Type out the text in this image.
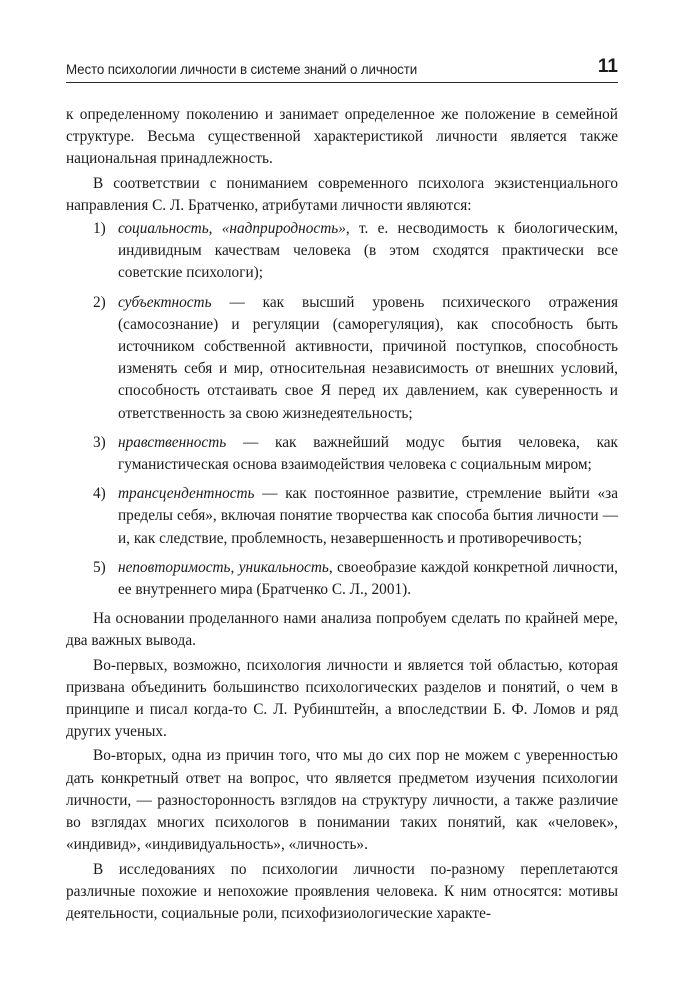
Место психологии личности в системе знаний о личности	11

к определенному поколению и занимает определенное же положение в семейной структуре. Весьма существенной характеристикой личности является также национальная принадлежность.

В соответствии с пониманием современного психолога экзистенциального направления С. Л. Братченко, атрибутами личности являются:

1) социальность, «надприродность», т. е. несводимость к биологическим, индивидным качествам человека (в этом сходятся практически все советские психологи);
2) субъектность — как высший уровень психического отражения (самосознание) и регуляции (саморегуляция), как способность быть источником собственной активности, причиной поступков, способность изменять себя и мир, относительная независимость от внешних условий, способность отстаивать свое Я перед их давлением, как суверенность и ответственность за свою жизнедеятельность;
3) нравственность — как важнейший модус бытия человека, как гуманистическая основа взаимодействия человека с социальным миром;
4) трансцендентность — как постоянное развитие, стремление выйти «за пределы себя», включая понятие творчества как способа бытия личности — и, как следствие, проблемность, незавершенность и противоречивость;
5) неповторимость, уникальность, своеобразие каждой конкретной личности, ее внутреннего мира (Братченко С. Л., 2001).

На основании проделанного нами анализа попробуем сделать по крайней мере, два важных вывода.

Во-первых, возможно, психология личности и является той областью, которая призвана объединить большинство психологических разделов и понятий, о чем в принципе и писал когда-то С. Л. Рубинштейн, а впоследствии Б. Ф. Ломов и ряд других ученых.

Во-вторых, одна из причин того, что мы до сих пор не можем с уверенностью дать конкретный ответ на вопрос, что является предметом изучения психологии личности, — разносторонность взглядов на структуру личности, а также различие во взглядах многих психологов в понимании таких понятий, как «человек», «индивид», «индивидуальность», «личность».

В исследованиях по психологии личности по-разному переплетаются различные похожие и непохожие проявления человека. К ним относятся: мотивы деятельности, социальные роли, психофизиологические характе-
